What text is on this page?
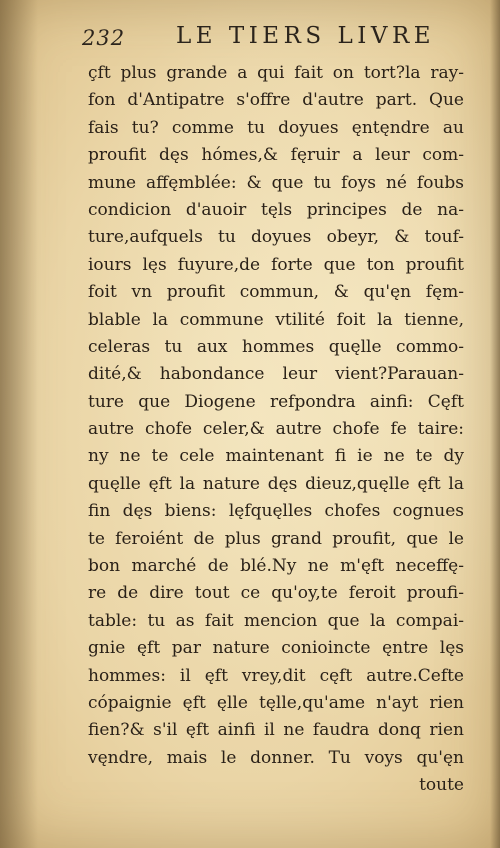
232 LE TIERS LIVRE
çft plus grande a qui fait on tort?la ray-
fon d'Antipatre s'offre d'autre part. Que
fais tu? comme tu doyues ęntęndre au
proufit dęs hómes,& fęruir a leur com-
mune affęmblée: & que tu foys né foubs
condicion d'auoir tęls principes de na-
ture,aufquels tu doyues obeyr, & touf-
iours lęs fuyure,de forte que ton proufit
foit vn proufit commun, & qu'ęn fęm-
blable la commune vtilité foit la tienne,
celeras tu aux hommes quęlle commo-
dité,& habondance leur vient?Parauan-
ture que Diogene refpondra ainfi: Cęft
autre chofe celer,& autre chofe fe taire:
ny ne te cele maintenant fi ie ne te dy
quęlle ęft la nature dęs dieuz,quęlle ęft la
fin dęs biens: lęfquęlles chofes cognues
te feroiént de plus grand proufit, que le
bon marché de blé.Ny ne m'ęft neceffę-
re de dire tout ce qu'oy,te feroit proufi-
table: tu as fait mencion que la compai-
gnie ęft par nature conioincte ęntre lęs
hommes: il ęft vrey,dit cęft autre.Cefte
cópaignie ęft ęlle tęlle,qu'ame n'ayt rien
fien?& s'il ęft ainfi il ne faudra donq rien
vęndre, mais le donner. Tu voys qu'ęn
toute
